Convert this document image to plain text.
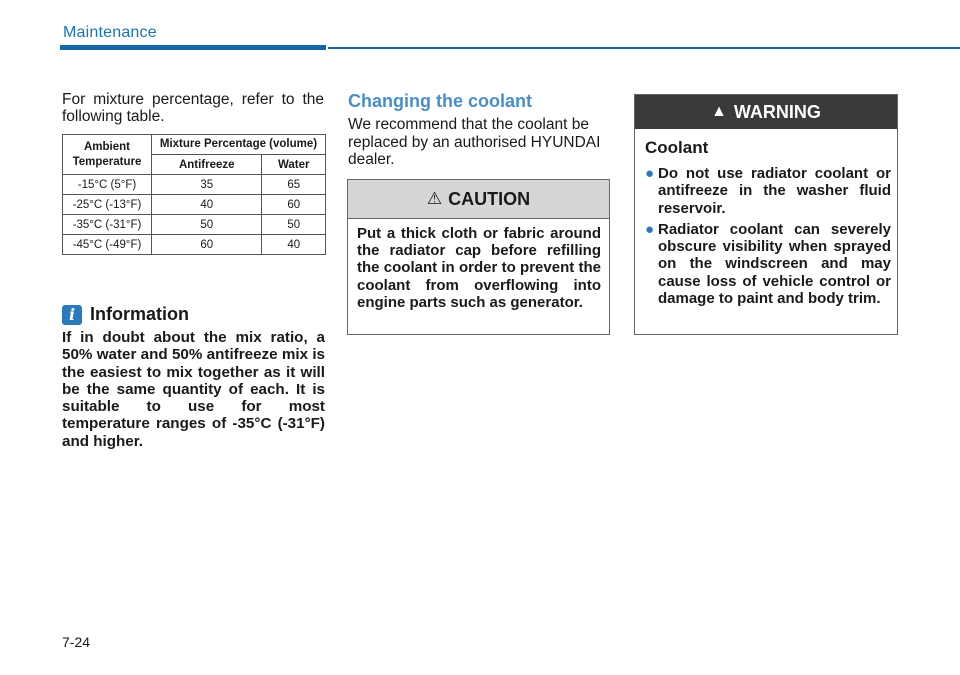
Maintenance
For mixture percentage, refer to the following table.
Ambient Temperature	Mixture Percentage (volume)	
	Antifreeze	Water
-15°C (5°F)	35	65
-25°C (-13°F)	40	60
-35°C (-31°F)	50	50
-45°C (-49°F)	60	40
i Information
If in doubt about the mix ratio, a 50% water and 50% antifreeze mix is the easiest to mix together as it will be the same quantity of each. It is suitable to use for most temperature ranges of -35°C (-31°F) and higher.
Changing the coolant
We recommend that the coolant be replaced by an authorised HYUNDAI dealer.
⚠ CAUTION
Put a thick cloth or fabric around the radiator cap before refilling the coolant in order to prevent the coolant from overflowing into engine parts such as generator.
▲ WARNING
Coolant
● Do not use radiator coolant or antifreeze in the washer fluid reservoir.
● Radiator coolant can severely obscure visibility when sprayed on the windscreen and may cause loss of vehicle control or damage to paint and body trim.
7-24
